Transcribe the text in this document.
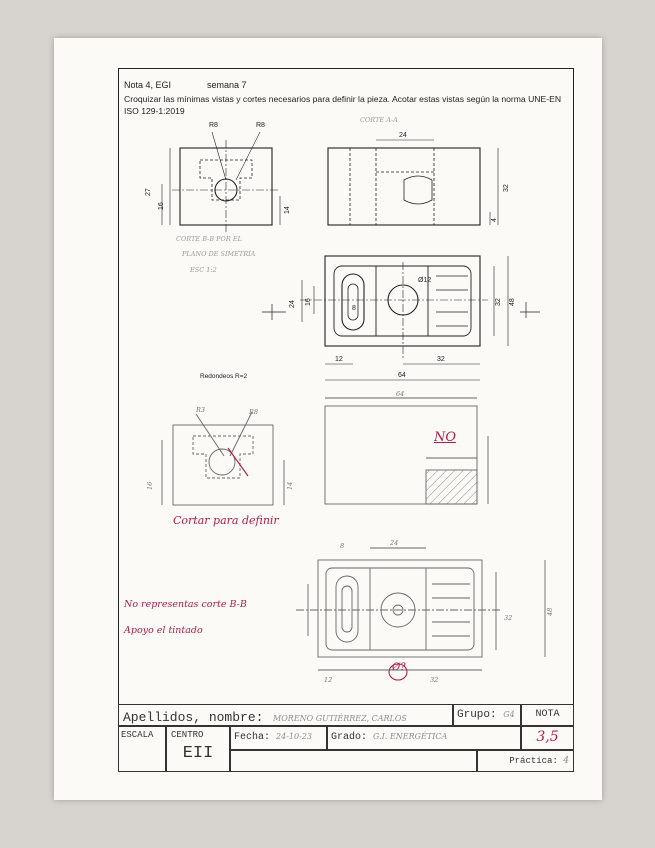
Nota 4, EGI	semana 7
Croquizar las mínimas vistas y cortes necesarios para definir la pieza. Acotar estas vistas según la norma UNE-EN ISO 129-1:2019
27
16
14
R8	R8
24
32
4
24 16
8
Ø12
32 48
12	32
64
Redondeos R=2
CORTE A-A
CORTE B-B POR EL
PLANO DE SIMETRÍA
ESC 1:2
R3	R8
64
24
32
16	14
8
48
12	32
NO
Cortar para definir
No representas corte B-B
Apoyo el tintado
Ø?
Apellidos, nombre: MORENO GUTIÉRREZ, CARLOS	Grupo: G4	NOTA
ESCALA	CENTRO
EII
Fecha: 24-10-23	Grado: G.I. ENERGÉTICA	3,5
Práctica: 4
